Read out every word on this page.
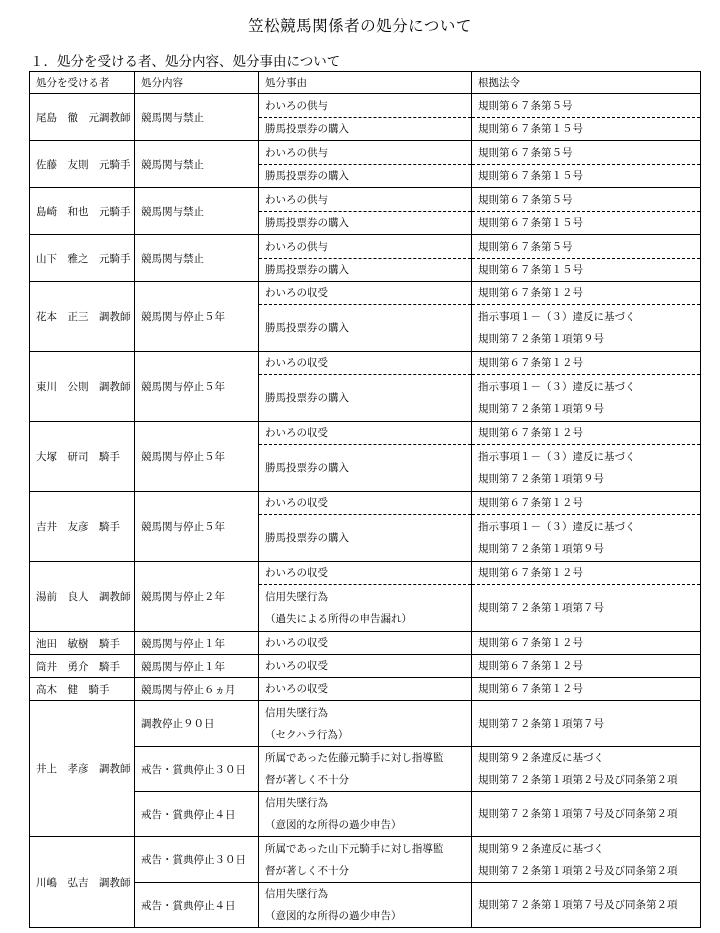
笠松競馬関係者の処分について
１．処分を受ける者、処分内容、処分事由について
処分を受ける者	処分内容	処分事由	根拠法令
尾島　徹　元調教師	競馬関与禁止	わいろの供与	規則第６７条第５号

		勝馬投票券の購入	規則第６７条第１５号

佐藤　友則　元騎手	競馬関与禁止	わいろの供与	規則第６７条第５号

		勝馬投票券の購入	規則第６７条第１５号

島崎　和也　元騎手	競馬関与禁止	わいろの供与	規則第６７条第５号

		勝馬投票券の購入	規則第６７条第１５号

山下　雅之　元騎手	競馬関与禁止	わいろの供与	規則第６７条第５号

		勝馬投票券の購入	規則第６７条第１５号

花本　正三　調教師	競馬関与停止５年	わいろの収受	規則第６７条第１２号

		勝馬投票券の購入	指示事項１－（３）違反に基づく
規則第７２条第１項第９号

東川　公則　調教師	競馬関与停止５年	わいろの収受	規則第６７条第１２号

		勝馬投票券の購入	指示事項１－（３）違反に基づく
規則第７２条第１項第９号

大塚　研司　騎手	競馬関与停止５年	わいろの収受	規則第６７条第１２号

		勝馬投票券の購入	指示事項１－（３）違反に基づく
規則第７２条第１項第９号

吉井　友彦　騎手	競馬関与停止５年	わいろの収受	規則第６７条第１２号

		勝馬投票券の購入	指示事項１－（３）違反に基づく
規則第７２条第１項第９号

湯前　良人　調教師	競馬関与停止２年	わいろの収受	規則第６７条第１２号

		信用失墜行為
（過失による所得の申告漏れ）	規則第７２条第１項第７号

池田　敏樹　騎手	競馬関与停止１年	わいろの収受	規則第６７条第１２号

筒井　勇介　騎手	競馬関与停止１年	わいろの収受	規則第６７条第１２号

高木　健　騎手	競馬関与停止６ヵ月	わいろの収受	規則第６７条第１２号

井上　孝彦　調教師	調教停止９０日	信用失墜行為
（セクハラ行為）	規則第７２条第１項第７号

	戒告・賞典停止３０日	所属であった佐藤元騎手に対し指導監
督が著しく不十分	規則第９２条違反に基づく
規則第７２条第１項第２号及び同条第２項

	戒告・賞典停止４日	信用失墜行為
（意図的な所得の過少申告）	規則第７２条第１項第７号及び同条第２項

川嶋　弘吉　調教師	戒告・賞典停止３０日	所属であった山下元騎手に対し指導監
督が著しく不十分	規則第９２条違反に基づく
規則第７２条第１項第２号及び同条第２項

	戒告・賞典停止４日	信用失墜行為
（意図的な所得の過少申告）	規則第７２条第１項第７号及び同条第２項
